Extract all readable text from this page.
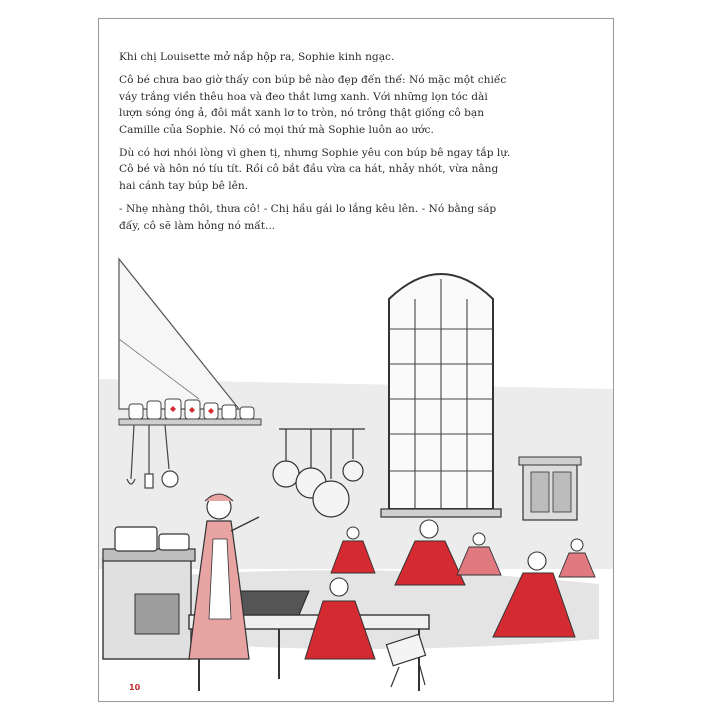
Khi chị Louisette mở nắp hộp ra, Sophie kinh ngạc.

Cô bé chưa bao giờ thấy con búp bê nào đẹp đến thế: Nó mặc một chiếc váy trắng viền thêu hoa và đeo thắt lưng xanh. Với những lọn tóc dài lượn sóng óng ả, đôi mắt xanh lơ to tròn, nó trông thật giống cô bạn Camille của Sophie. Nó có mọi thứ mà Sophie luôn ao ước.

Dù có hơi nhói lòng vì ghen tị, nhưng Sophie yêu con búp bê ngay tắp lự. Cô bé và hôn nó tíu tít. Rồi cô bắt đầu vừa ca hát, nhảy nhót, vừa nâng hai cánh tay búp bê lên.

- Nhẹ nhàng thôi, thưa cô! - Chị hầu gái lo lắng kêu lên. - Nó bằng sáp đấy, cô sẽ làm hỏng nó mất...

10
